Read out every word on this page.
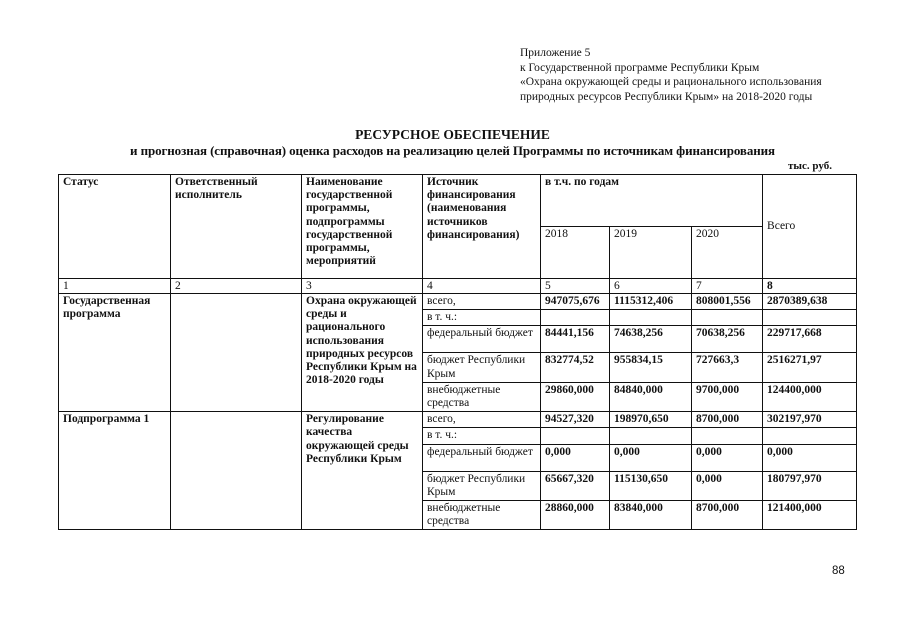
Приложение 5
к Государственной программе Республики Крым
«Охрана окружающей среды и рационального использования
природных ресурсов Республики Крым» на 2018-2020 годы
РЕСУРСНОЕ ОБЕСПЕЧЕНИЕ
и прогнозная (справочная) оценка расходов на реализацию целей Программы по источникам финансирования
тыс. руб.
Статус	Ответственный исполнитель	Наименование государственной программы, подпрограммы государственной программы, мероприятий	Источник финансирования (наименования источников финансирования)	в т.ч. по годам			Всего
				2018	2019	2020	
1	2	3	4	5	6	7	8
Государственная программа		Охрана окружающей среды и рационального использования природных ресурсов Республики Крым на 2018-2020 годы	всего,	947075,676	1115312,406	808001,556	2870389,638
			в т. ч.:				
			федеральный бюджет	84441,156	74638,256	70638,256	229717,668
			бюджет Республики Крым	832774,52	955834,15	727663,3	2516271,97
			внебюджетные средства	29860,000	84840,000	9700,000	124400,000
Подпрограмма 1		Регулирование качества окружающей среды Республики Крым	всего,	94527,320	198970,650	8700,000	302197,970
			в т. ч.:				
			федеральный бюджет	0,000	0,000	0,000	0,000
			бюджет Республики Крым	65667,320	115130,650	0,000	180797,970
			внебюджетные средства	28860,000	83840,000	8700,000	121400,000
88
